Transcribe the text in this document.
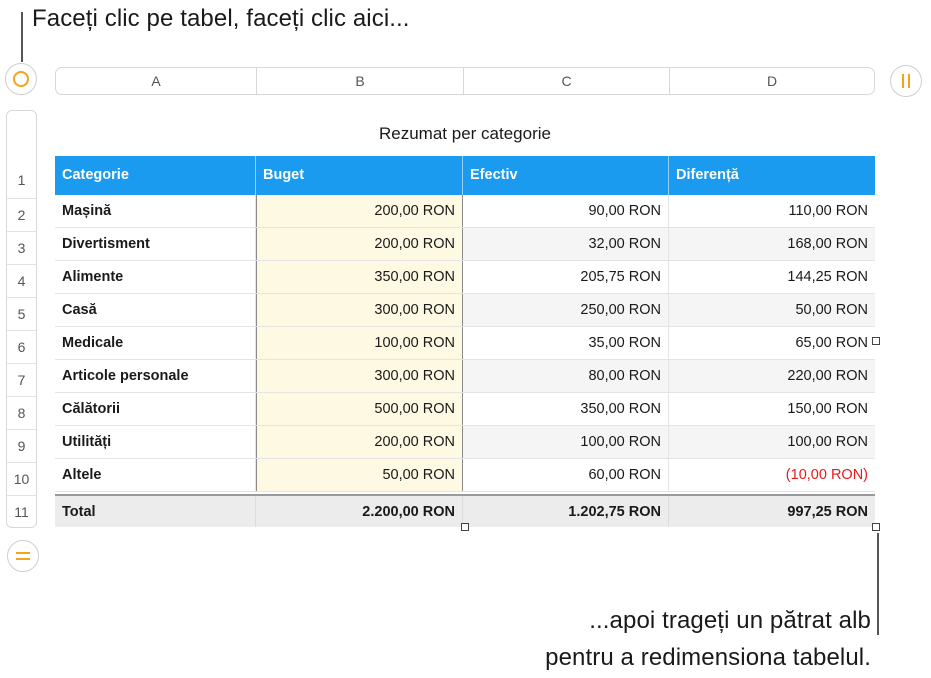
Faceți clic pe tabel, faceți clic aici...
A	B	C	D
1
2
3
4
5
6
7
8
9
10
11
Rezumat per categorie
Categorie	Buget	Efectiv	Diferență
Mașină	200,00 RON	90,00 RON	110,00 RON
Divertisment	200,00 RON	32,00 RON	168,00 RON
Alimente	350,00 RON	205,75 RON	144,25 RON
Casă	300,00 RON	250,00 RON	50,00 RON
Medicale	100,00 RON	35,00 RON	65,00 RON
Articole personale	300,00 RON	80,00 RON	220,00 RON
Călătorii	500,00 RON	350,00 RON	150,00 RON
Utilități	200,00 RON	100,00 RON	100,00 RON
Altele	50,00 RON	60,00 RON	(10,00 RON)
Total	2.200,00 RON	1.202,75 RON	997,25 RON
...apoi trageți un pătrat alb
pentru a redimensiona tabelul.
